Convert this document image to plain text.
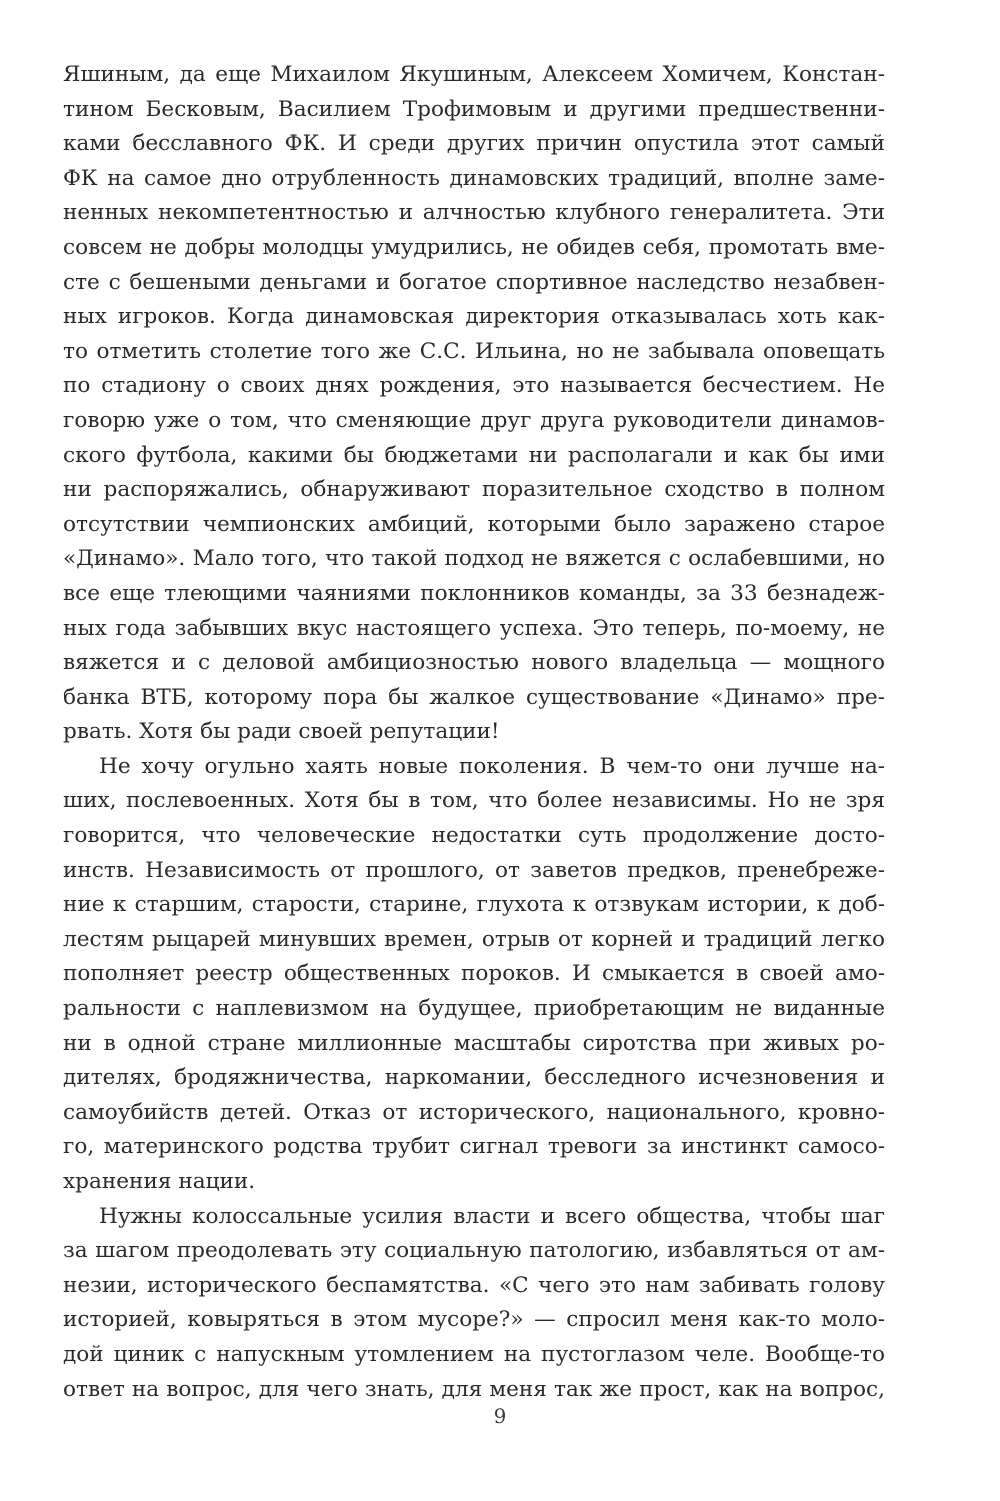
Яшиным, да еще Михаилом Якушиным, Алексеем Хомичем, Констан-
тином Бесковым, Василием Трофимовым и другими предшественни-
ками бесславного ФК. И среди других причин опустила этот самый
ФК на самое дно отрубленность динамовских традиций, вполне заме-
ненных некомпетентностью и алчностью клубного генералитета. Эти
совсем не добры молодцы умудрились, не обидев себя, промотать вме-
сте с бешеными деньгами и богатое спортивное наследство незабвен-
ных игроков. Когда динамовская директория отказывалась хоть как-
то отметить столетие того же С.С. Ильина, но не забывала оповещать
по стадиону о своих днях рождения, это называется бесчестием. Не
говорю уже о том, что сменяющие друг друга руководители динамов-
ского футбола, какими бы бюджетами ни располагали и как бы ими
ни распоряжались, обнаруживают поразительное сходство в полном
отсутствии чемпионских амбиций, которыми было заражено старое
«Динамо». Мало того, что такой подход не вяжется с ослабевшими, но
все еще тлеющими чаяниями поклонников команды, за 33 безнадеж-
ных года забывших вкус настоящего успеха. Это теперь, по-моему, не
вяжется и с деловой амбициозностью нового владельца — мощного
банка ВТБ, которому пора бы жалкое существование «Динамо» пре-
рвать. Хотя бы ради своей репутации!
Не хочу огульно хаять новые поколения. В чем-то они лучше на-
ших, послевоенных. Хотя бы в том, что более независимы. Но не зря
говорится, что человеческие недостатки суть продолжение досто-
инств. Независимость от прошлого, от заветов предков, пренебреже-
ние к старшим, старости, старине, глухота к отзвукам истории, к доб-
лестям рыцарей минувших времен, отрыв от корней и традиций легко
пополняет реестр общественных пороков. И смыкается в своей амо-
ральности с наплевизмом на будущее, приобретающим не виданные
ни в одной стране миллионные масштабы сиротства при живых ро-
дителях, бродяжничества, наркомании, бесследного исчезновения и
самоубийств детей. Отказ от исторического, национального, кровно-
го, материнского родства трубит сигнал тревоги за инстинкт самосо-
хранения нации.
Нужны колоссальные усилия власти и всего общества, чтобы шаг
за шагом преодолевать эту социальную патологию, избавляться от ам-
незии, исторического беспамятства. «С чего это нам забивать голову
историей, ковыряться в этом мусоре?» — спросил меня как-то моло-
дой циник с напускным утомлением на пустоглазом челе. Вообще-то
ответ на вопрос, для чего знать, для меня так же прост, как на вопрос,
9
